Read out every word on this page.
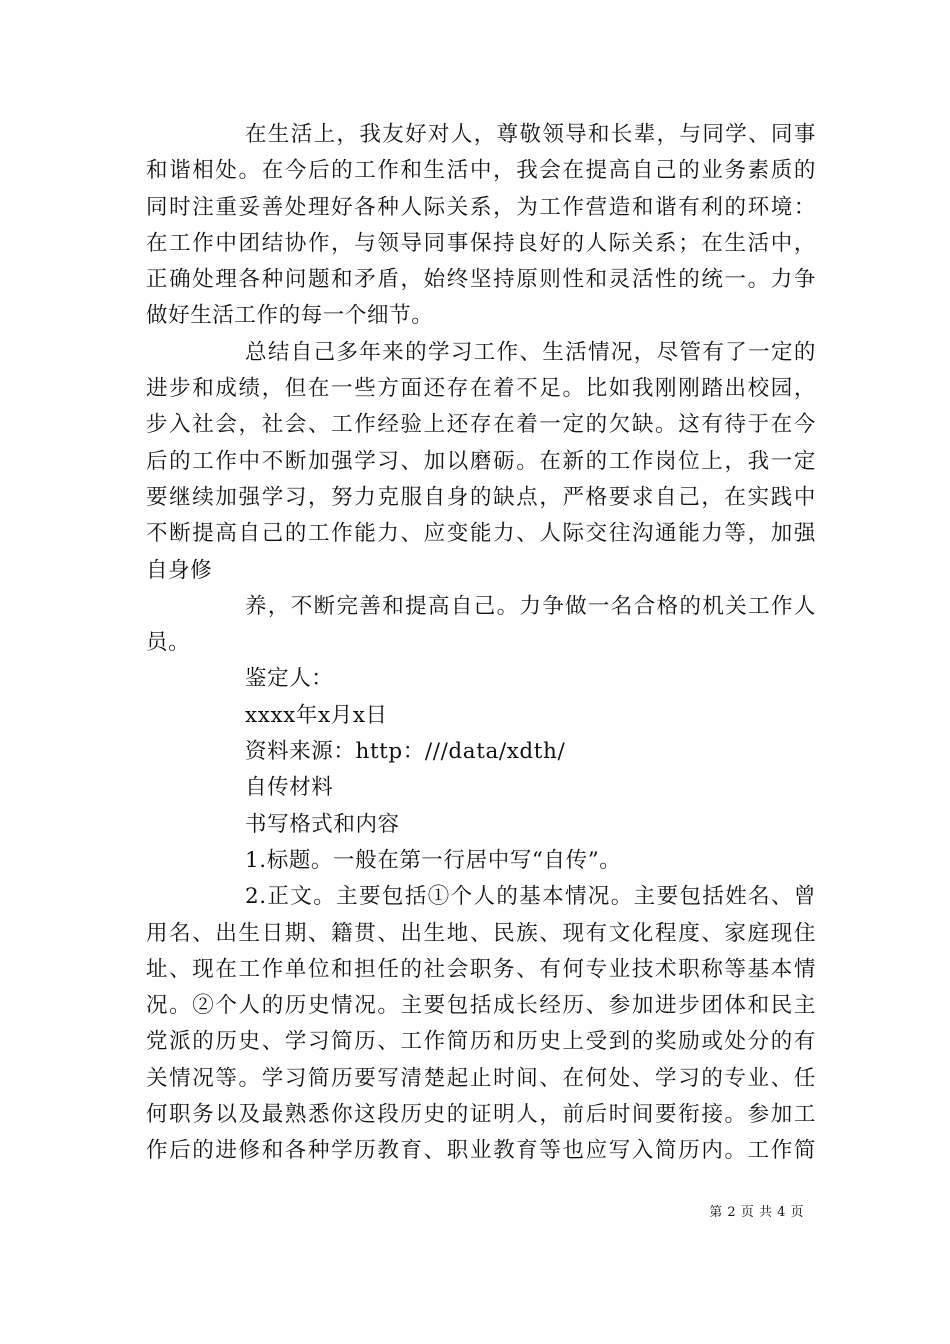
在生活上，我友好对人，尊敬领导和长辈，与同学、同事
和谐相处。在今后的工作和生活中，我会在提高自己的业务素质的
同时注重妥善处理好各种人际关系，为工作营造和谐有利的环境：
在工作中团结协作，与领导同事保持良好的人际关系；在生活中，
正确处理各种问题和矛盾，始终坚持原则性和灵活性的统一。力争
做好生活工作的每一个细节。
总结自己多年来的学习工作、生活情况，尽管有了一定的
进步和成绩，但在一些方面还存在着不足。比如我刚刚踏出校园，
步入社会，社会、工作经验上还存在着一定的欠缺。这有待于在今
后的工作中不断加强学习、加以磨砺。在新的工作岗位上，我一定
要继续加强学习，努力克服自身的缺点，严格要求自己，在实践中
不断提高自己的工作能力、应变能力、人际交往沟通能力等，加强
自身修
养，不断完善和提高自己。力争做一名合格的机关工作人
员。
鉴定人：
xxxx年x月x日
资料来源：http：///data/xdth/
自传材料
书写格式和内容
1.标题。一般在第一行居中写“自传”。
2.正文。主要包括①个人的基本情况。主要包括姓名、曾
用名、出生日期、籍贯、出生地、民族、现有文化程度、家庭现住
址、现在工作单位和担任的社会职务、有何专业技术职称等基本情
况。②个人的历史情况。主要包括成长经历、参加进步团体和民主
党派的历史、学习简历、工作简历和历史上受到的奖励或处分的有
关情况等。学习简历要写清楚起止时间、在何处、学习的专业、任
何职务以及最熟悉你这段历史的证明人，前后时间要衔接。参加工
作后的进修和各种学历教育、职业教育等也应写入简历内。工作简
第 2 页 共 4 页
